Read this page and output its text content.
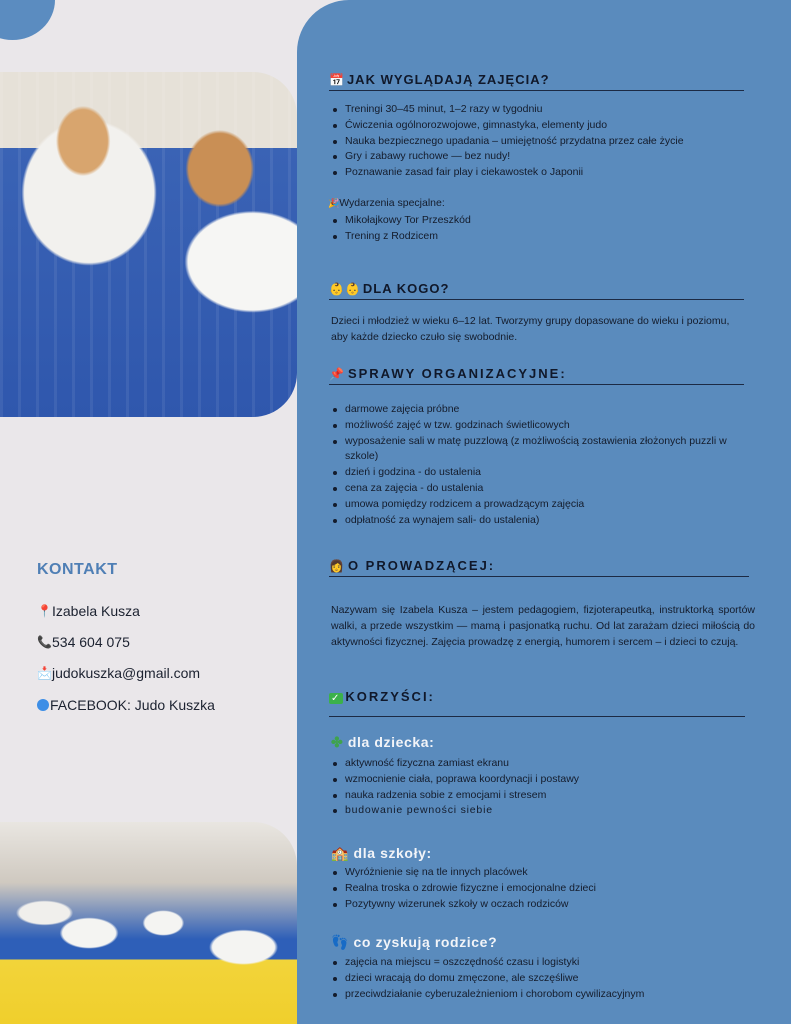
KONTAKT
📍 Izabela Kusza
📞 534 604 075
📩 judokuszka@gmail.com
FACEBOOK: Judo Kuszka
📅 JAK WYGLĄDAJĄ ZAJĘCIA?
Treningi 30–45 minut, 1–2 razy w tygodniu
Ćwiczenia ogólnorozwojowe, gimnastyka, elementy judo
Nauka bezpiecznego upadania – umiejętność przydatna przez całe życie
Gry i zabawy ruchowe — bez nudy!
Poznawanie zasad fair play i ciekawostek o Japonii
🎉Wydarzenia specjalne:
Mikołajkowy Tor Przeszkód
Trening z Rodzicem
👶👶 DLA KOGO?
Dzieci i młodzież w wieku 6–12 lat. Tworzymy grupy dopasowane do wieku i poziomu, aby każde dziecko czuło się swobodnie.
📌 SPRAWY ORGANIZACYJNE:
darmowe zajęcia próbne
możliwość zajęć w tzw. godzinach świetlicowych
wyposażenie sali w matę puzzlową (z możliwością zostawienia złożonych puzzli w szkole)
dzień i godzina - do ustalenia
cena za zajęcia - do ustalenia
umowa pomiędzy rodzicem a prowadzącym zajęcia
odpłatność za wynajem sali- do ustalenia)
👩 O PROWADZĄCEJ:
Nazywam się Izabela Kusza – jestem pedagogiem, fizjoterapeutką, instruktorką sportów walki, a przede wszystkim — mamą i pasjonatką ruchu. Od lat zarażam dzieci miłością do aktywności fizycznej. Zajęcia prowadzę z energią, humorem i sercem – i dzieci to czują.
✓ KORZYŚCI:
✤ dla dziecka:
aktywność fizyczna zamiast ekranu
wzmocnienie ciała, poprawa koordynacji i postawy
nauka radzenia sobie z emocjami i stresem
budowanie pewności siebie
🏫 dla szkoły:
Wyróżnienie się na tle innych placówek
Realna troska o zdrowie fizyczne i emocjonalne dzieci
Pozytywny wizerunek szkoły w oczach rodziców
👣 co zyskują rodzice?
zajęcia na miejscu = oszczędność czasu i logistyki
dzieci wracają do domu zmęczone, ale szczęśliwe
przeciwdziałanie cyberuzależnieniom i chorobom cywilizacyjnym
